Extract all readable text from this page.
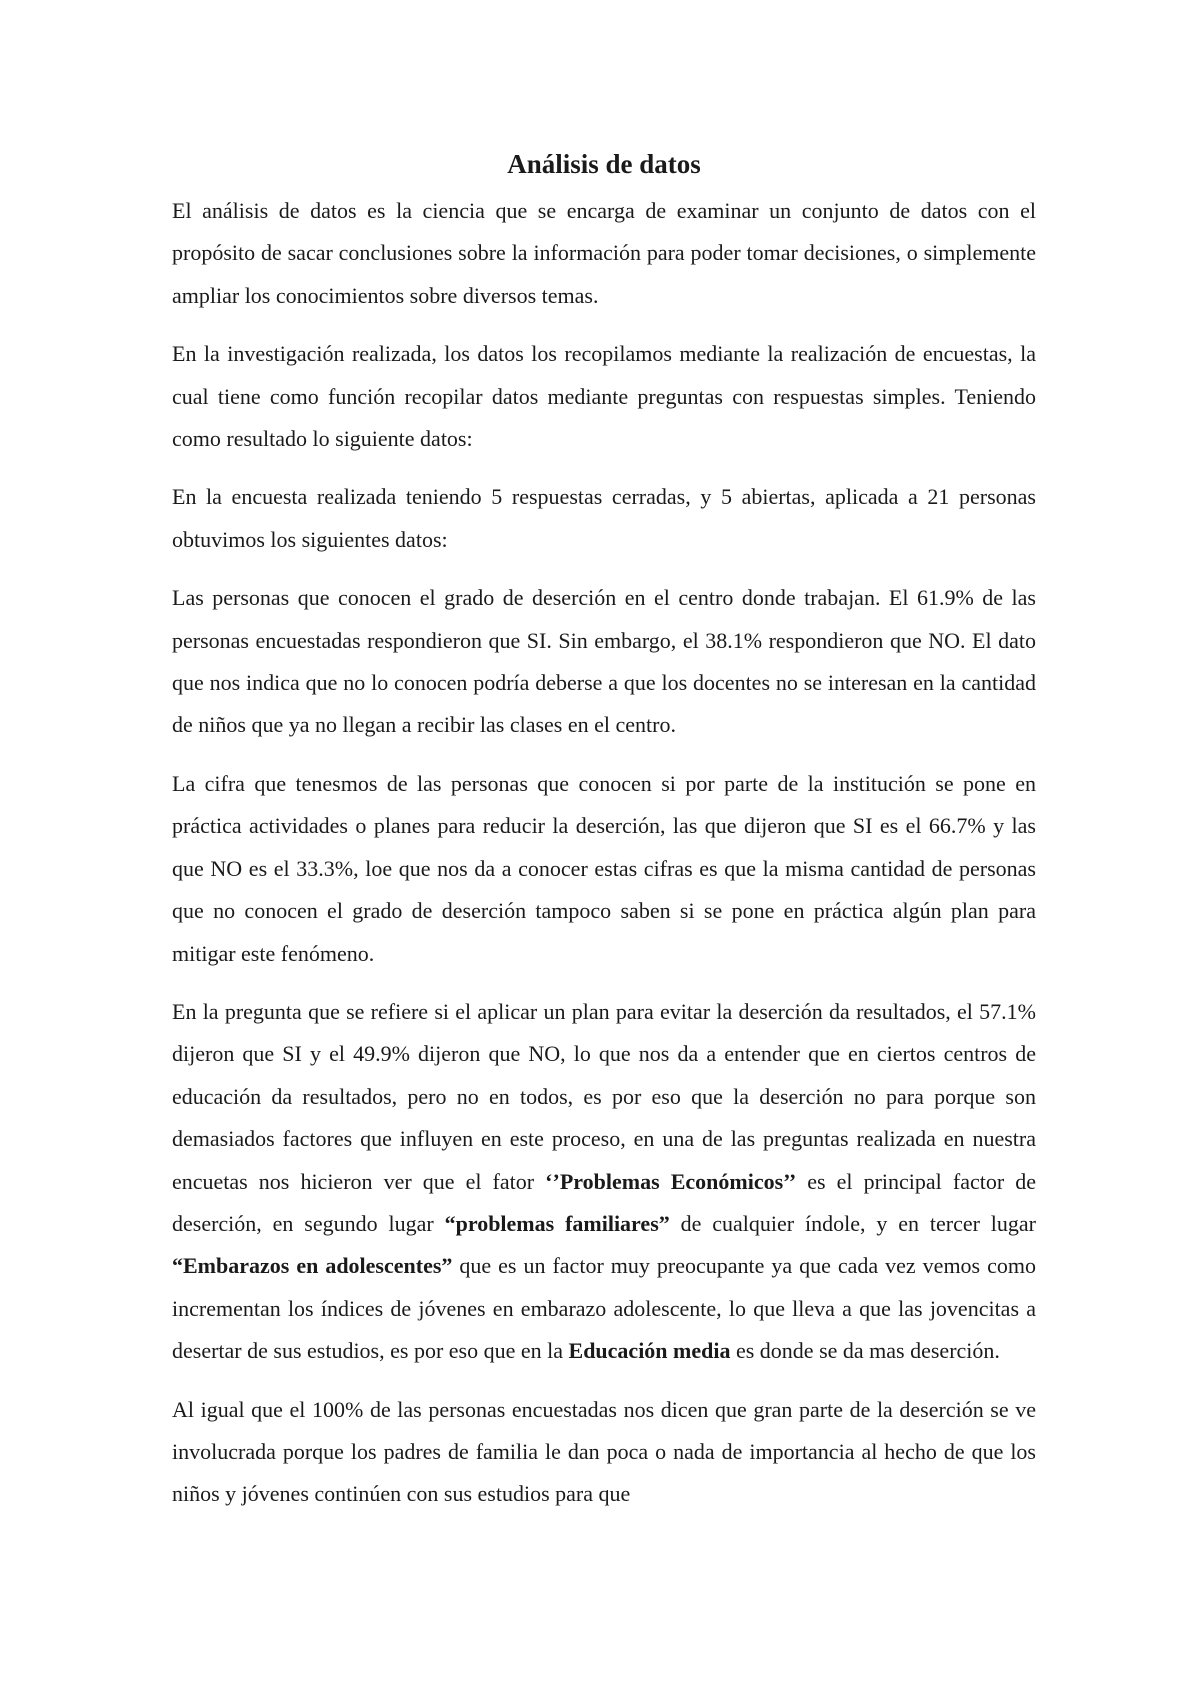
Análisis de datos

El análisis de datos es la ciencia que se encarga de examinar un conjunto de datos con el propósito de sacar conclusiones sobre la información para poder tomar decisiones, o simplemente ampliar los conocimientos sobre diversos temas.

En la investigación realizada, los datos los recopilamos mediante la realización de encuestas, la cual tiene como función recopilar datos mediante preguntas con respuestas simples. Teniendo como resultado lo siguiente datos:

En la encuesta realizada teniendo 5 respuestas cerradas, y 5 abiertas, aplicada a 21 personas obtuvimos los siguientes datos:

Las personas que conocen el grado de deserción en el centro donde trabajan. El 61.9% de las personas encuestadas respondieron que SI. Sin embargo, el 38.1% respondieron que NO. El dato que nos indica que no lo conocen podría deberse a que los docentes no se interesan en la cantidad de niños que ya no llegan a recibir las clases en el centro.

La cifra que tenesmos de las personas que conocen si por parte de la institución se pone en práctica actividades o planes para reducir la deserción, las que dijeron que SI es el 66.7% y las que NO es el 33.3%, loe que nos da a conocer estas cifras es que la misma cantidad de personas que no conocen el grado de deserción tampoco saben si se pone en práctica algún plan para mitigar este fenómeno.

En la pregunta que se refiere si el aplicar un plan para evitar la deserción da resultados, el 57.1% dijeron que SI y el 49.9% dijeron que NO, lo que nos da a entender que en ciertos centros de educación da resultados, pero no en todos, es por eso que la deserción no para porque son demasiados factores que influyen en este proceso, en una de las preguntas realizada en nuestra encuetas nos hicieron ver que el fator ‘’Problemas Económicos’’ es el principal factor de deserción, en segundo lugar “problemas familiares” de cualquier índole, y en tercer lugar “Embarazos en adolescentes” que es un factor muy preocupante ya que cada vez vemos como incrementan los índices de jóvenes en embarazo adolescente, lo que lleva a que las jovencitas a desertar de sus estudios, es por eso que en la Educación media es donde se da mas deserción.

Al igual que el 100% de las personas encuestadas nos dicen que gran parte de la deserción se ve involucrada porque los padres de familia le dan poca o nada de importancia al hecho de que los niños y jóvenes continúen con sus estudios para que
